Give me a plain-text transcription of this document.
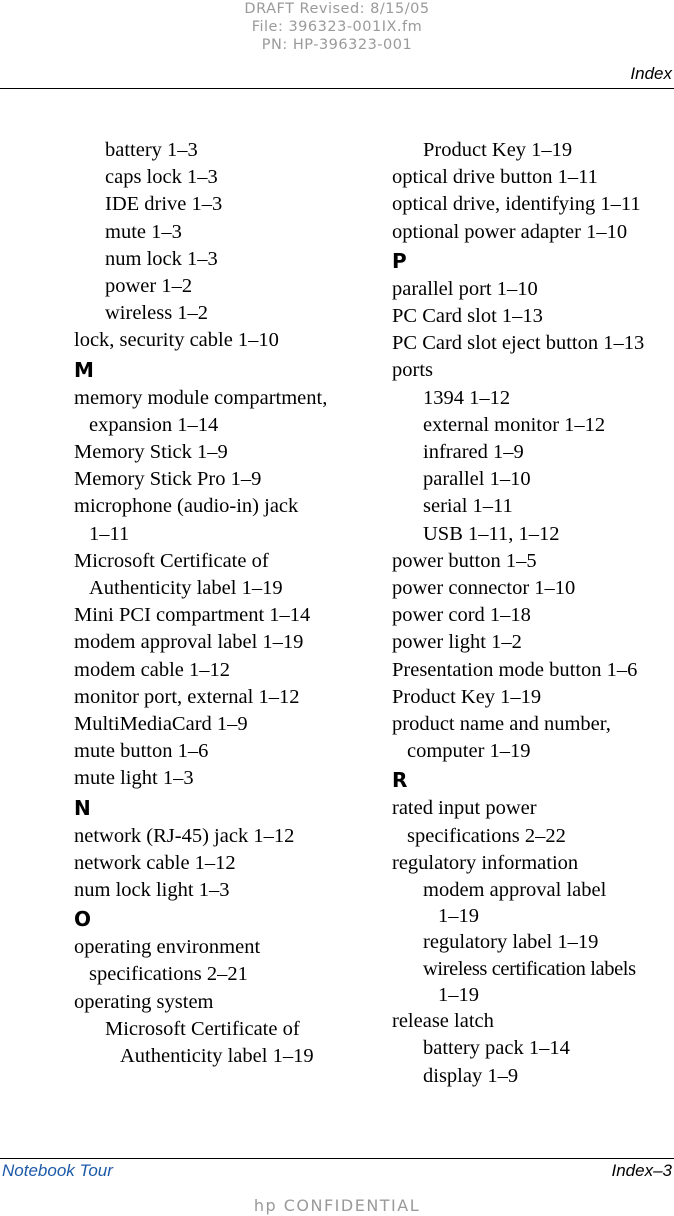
DRAFT Revised: 8/15/05
File: 396323-001IX.fm
PN: HP-396323-001
Index
battery 1–3
caps lock 1–3
IDE drive 1–3
mute 1–3
num lock 1–3
power 1–2
wireless 1–2
lock, security cable 1–10
M
memory module compartment,
expansion 1–14
Memory Stick 1–9
Memory Stick Pro 1–9
microphone (audio-in) jack
1–11
Microsoft Certificate of
Authenticity label 1–19
Mini PCI compartment 1–14
modem approval label 1–19
modem cable 1–12
monitor port, external 1–12
MultiMediaCard 1–9
mute button 1–6
mute light 1–3
N
network (RJ-45) jack 1–12
network cable 1–12
num lock light 1–3
O
operating environment
specifications 2–21
operating system
Microsoft Certificate of
Authenticity label 1–19
Product Key 1–19
optical drive button 1–11
optical drive, identifying 1–11
optional power adapter 1–10
P
parallel port 1–10
PC Card slot 1–13
PC Card slot eject button 1–13
ports
1394 1–12
external monitor 1–12
infrared 1–9
parallel 1–10
serial 1–11
USB 1–11, 1–12
power button 1–5
power connector 1–10
power cord 1–18
power light 1–2
Presentation mode button 1–6
Product Key 1–19
product name and number,
computer 1–19
R
rated input power
specifications 2–22
regulatory information
modem approval label
1–19
regulatory label 1–19
wireless certification labels
1–19
release latch
battery pack 1–14
display 1–9
Notebook Tour	Index–3
hp CONFIDENTIAL
